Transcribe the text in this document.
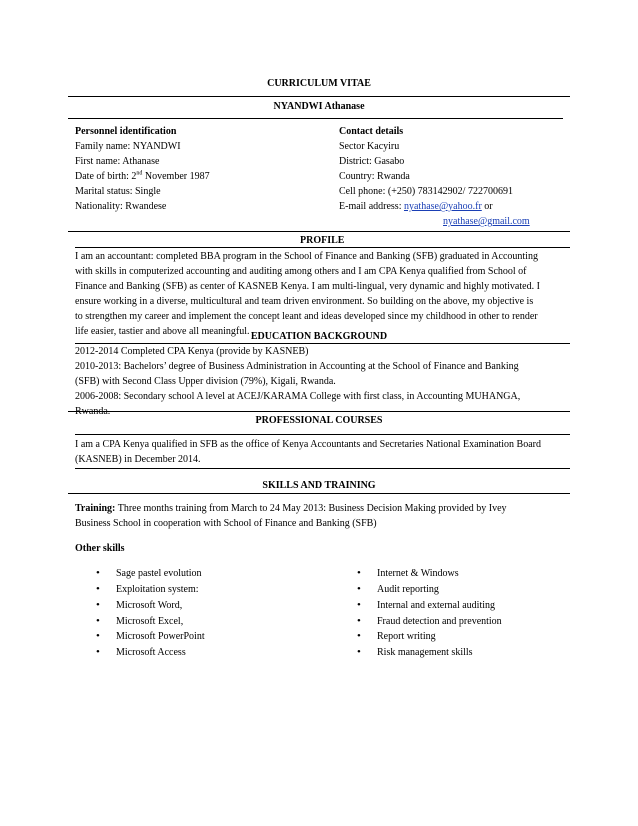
CURRICULUM VITAE
NYANDWI Athanase
Personnel identification
Family name: NYANDWI
First name: Athanase
Date of birth: 2nd November 1987
Marital status: Single
Nationality: Rwandese
Contact details
Sector Kacyiru
District: Gasabo
Country: Rwanda
Cell phone: (+250) 783142902/ 722700691
E-mail address: nyathase@yahoo.fr or
nyathase@gmail.com
PROFILE
I am an accountant: completed BBA program in the School of Finance and Banking (SFB) graduated in Accounting
with skills in computerized accounting and auditing among others and I am CPA Kenya qualified from School of
Finance and Banking (SFB) as center of KASNEB Kenya. I am multi-lingual, very dynamic and highly motivated. I
ensure working in a diverse, multicultural and team driven environment. So building on the above, my objective is
to strengthen my career and implement the concept leant and ideas developed since my childhood in other to render
life easier, tastier and above all meaningful. EDUCATION BACKGROUND
2012-2014 Completed CPA Kenya (provide by KASNEB)
2010-2013: Bachelors’ degree of Business Administration in Accounting at the School of Finance and Banking
(SFB) with Second Class Upper division (79%), Kigali, Rwanda.
2006-2008: Secondary school A level at ACEJ/KARAMA College with first class, in Accounting MUHANGA,
Rwanda.
PROFESSIONAL COURSES
I am a CPA Kenya qualified in SFB as the office of Kenya Accountants and Secretaries National Examination Board
(KASNEB) in December 2014.
SKILLS AND TRAINING
Training: Three months training from March to 24 May 2013: Business Decision Making provided by Ivey
Business School in cooperation with School of Finance and Banking (SFB)
Other skills
• Sage pastel evolution
• Exploitation system:
• Microsoft Word,
• Microsoft Excel,
• Microsoft PowerPoint
• Microsoft Access
• Internet & Windows
• Audit reporting
• Internal and external auditing
• Fraud detection and prevention
• Report writing
• Risk management skills
